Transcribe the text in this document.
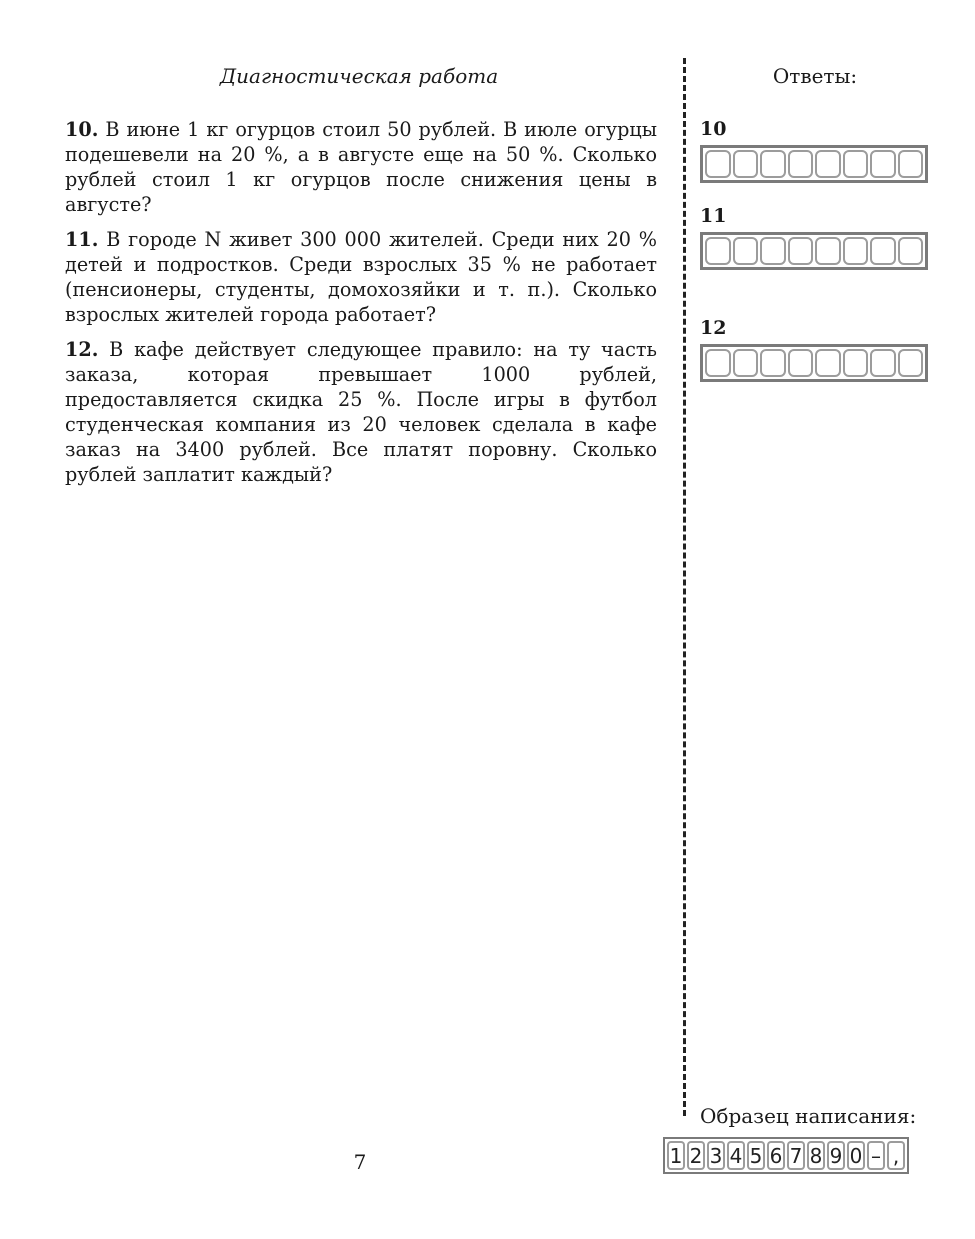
Диагностическая работа	Ответы:

10. В июне 1 кг огурцов стоил 50 рублей. В июле огурцы подешевели на 20 %, а в августе еще на 50 %. Сколько рублей стоил 1 кг огурцов после снижения цены в августе?

11. В городе N живет 300 000 жителей. Среди них 20 % детей и подростков. Среди взрослых 35 % не работает (пенсионеры, студенты, домохозяйки и т. п.). Сколько взрослых жителей города работает?

12. В кафе действует следующее правило: на ту часть заказа, которая превышает 1000 рублей, предоставляется скидка 25 %. После игры в футбол студенческая компания из 20 человек сделала в кафе заказ на 3400 рублей. Все платят поровну. Сколько рублей заплатит каждый?

10
11
12
Образец написания:
1 2 3 4 5 6 7 8 9 0 – ,
7
